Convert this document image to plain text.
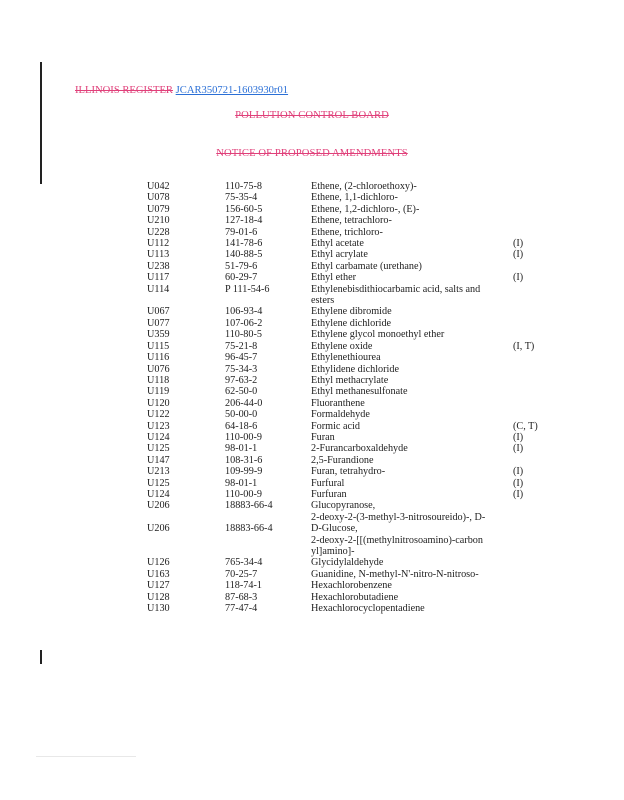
ILLINOIS REGISTER JCAR350721-1603930r01
POLLUTION CONTROL BOARD
NOTICE OF PROPOSED AMENDMENTS
U042	110-75-8	Ethene, (2-chloroethoxy)-
U078	75-35-4	Ethene, 1,1-dichloro-
U079	156-60-5	Ethene, 1,2-dichloro-, (E)-
U210	127-18-4	Ethene, tetrachloro-
U228	79-01-6	Ethene, trichloro-
U112	141-78-6	Ethyl acetate	(I)
U113	140-88-5	Ethyl acrylate	(I)
U238	51-79-6	Ethyl carbamate (urethane)
U117	60-29-7	Ethyl ether	(I)
U114	P 111-54-6	Ethylenebisdithiocarbamic acid, salts and
esters
U067	106-93-4	Ethylene dibromide
U077	107-06-2	Ethylene dichloride
U359	110-80-5	Ethylene glycol monoethyl ether
U115	75-21-8	Ethylene oxide	(I, T)
U116	96-45-7	Ethylenethiourea
U076	75-34-3	Ethylidene dichloride
U118	97-63-2	Ethyl methacrylate
U119	62-50-0	Ethyl methanesulfonate
U120	206-44-0	Fluoranthene
U122	50-00-0	Formaldehyde
U123	64-18-6	Formic acid	(C, T)
U124	110-00-9	Furan	(I)
U125	98-01-1	2-Furancarboxaldehyde	(I)
U147	108-31-6	2,5-Furandione
U213	109-99-9	Furan, tetrahydro-	(I)
U125	98-01-1	Furfural	(I)
U124	110-00-9	Furfuran	(I)
U206	18883-66-4	Glucopyranose,
2-deoxy-2-(3-methyl-3-nitrosoureido)-, D-
U206	18883-66-4	D-Glucose,
2-deoxy-2-[[(methylnitrosoamino)-carbon
yl]amino]-
U126	765-34-4	Glycidylaldehyde
U163	70-25-7	Guanidine, N-methyl-N'-nitro-N-nitroso-
U127	118-74-1	Hexachlorobenzene
U128	87-68-3	Hexachlorobutadiene
U130	77-47-4	Hexachlorocyclopentadiene
